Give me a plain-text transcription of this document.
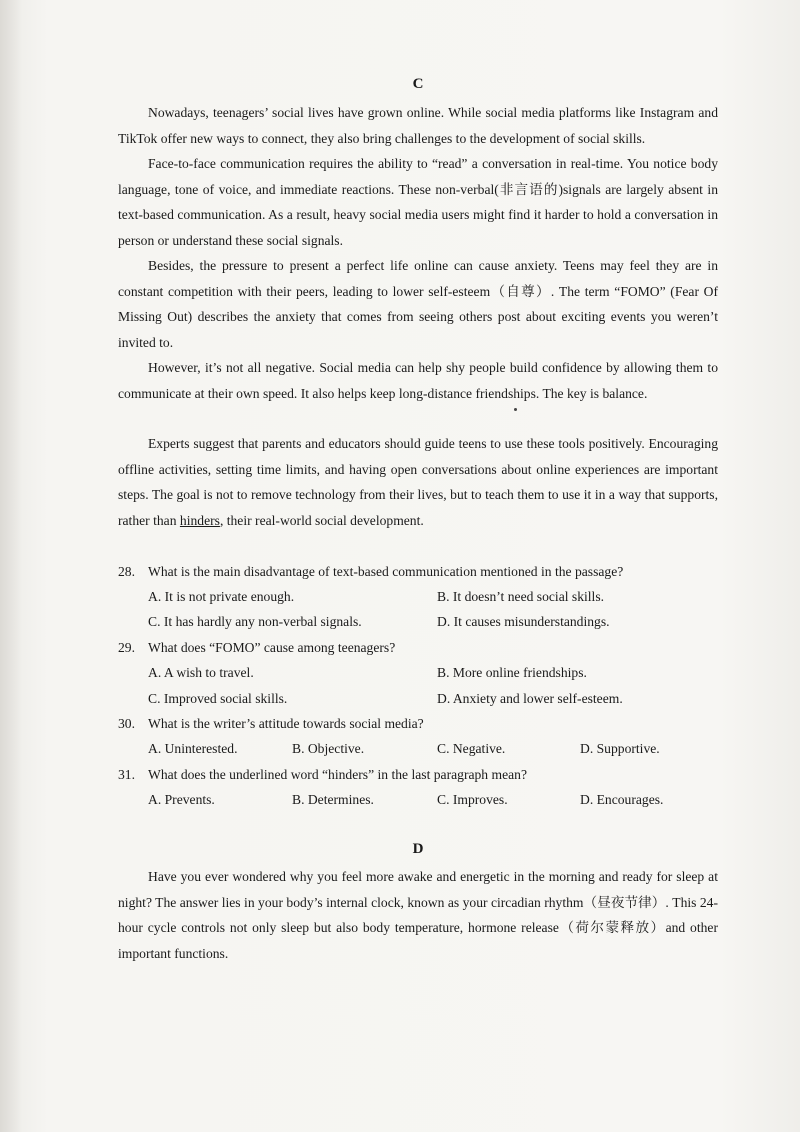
C

Nowadays, teenagers’ social lives have grown online. While social media platforms like Instagram and TikTok offer new ways to connect, they also bring challenges to the development of social skills.

Face-to-face communication requires the ability to “read” a conversation in real-time. You notice body language, tone of voice, and immediate reactions. These non-verbal(非言语的)signals are largely absent in text-based communication. As a result, heavy social media users might find it harder to hold a conversation in person or understand these social signals.

Besides, the pressure to present a perfect life online can cause anxiety. Teens may feel they are in constant competition with their peers, leading to lower self-esteem（自尊）. The term “FOMO” (Fear Of Missing Out) describes the anxiety that comes from seeing others post about exciting events you weren’t invited to.

However, it’s not all negative. Social media can help shy people build confidence by allowing them to communicate at their own speed. It also helps keep long-distance friendships. The key is balance.

Experts suggest that parents and educators should guide teens to use these tools positively. Encouraging offline activities, setting time limits, and having open conversations about online experiences are important steps. The goal is not to remove technology from their lives, but to teach them to use it in a way that supports, rather than hinders, their real-world social development.

28. What is the main disadvantage of text-based communication mentioned in the passage?
A. It is not private enough.	B. It doesn’t need social skills.
C. It has hardly any non-verbal signals.	D. It causes misunderstandings.
29. What does “FOMO” cause among teenagers?
A. A wish to travel.	B. More online friendships.
C. Improved social skills.	D. Anxiety and lower self-esteem.
30. What is the writer’s attitude towards social media?
A. Uninterested.	B. Objective.	C. Negative.	D. Supportive.
31. What does the underlined word “hinders” in the last paragraph mean?
A. Prevents.	B. Determines.	C. Improves.	D. Encourages.
D

Have you ever wondered why you feel more awake and energetic in the morning and ready for sleep at night? The answer lies in your body’s internal clock, known as your circadian rhythm（昼夜节律）. This 24-hour cycle controls not only sleep but also body temperature, hormone release（荷尔蒙释放）and other important functions.
